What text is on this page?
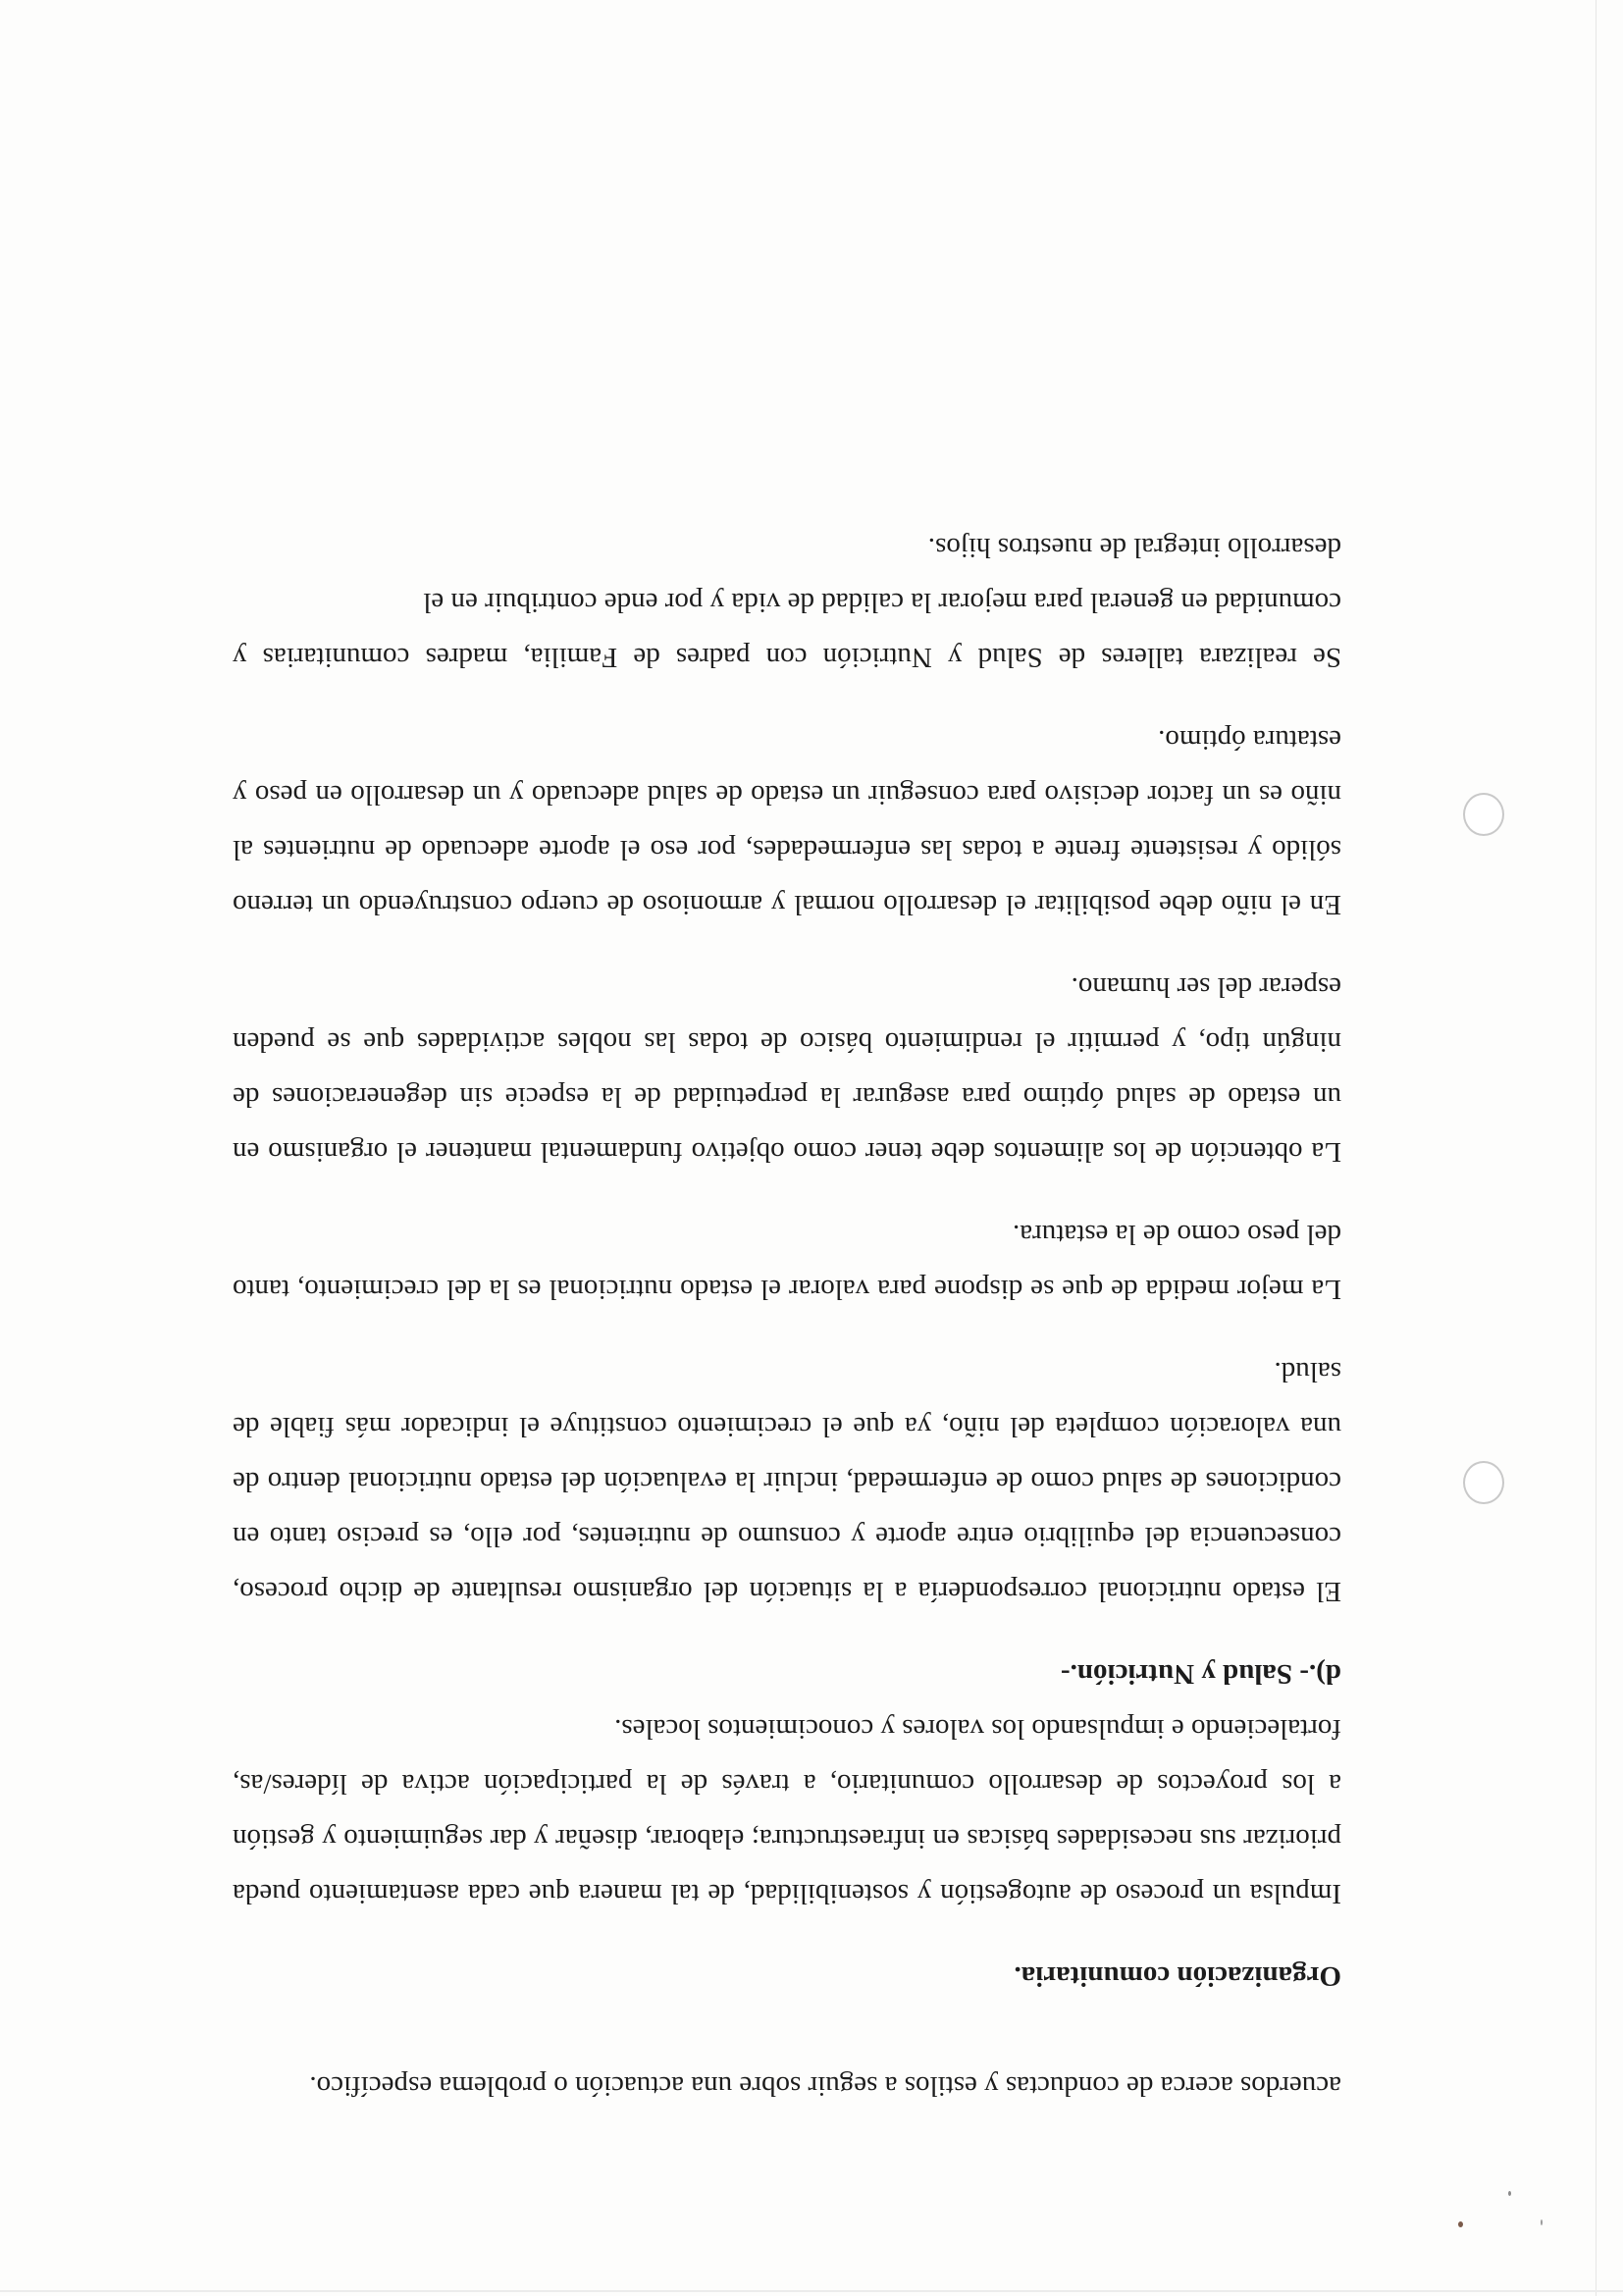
acuerdos acerca de conductas y estilos a seguir sobre una actuación o problema específico.

Organización comunitaria.

Impulsa un proceso de autogestión y sostenibilidad, de tal manera que cada asentamiento pueda priorizar sus necesidades básicas en infraestructura; elaborar, diseñar y dar seguimiento y gestión a los proyectos de desarrollo comunitario, a través de la participación activa de líderes/as, fortaleciendo e impulsando los valores y conocimientos locales.

d).- Salud y Nutrición.-

El estado nutricional correspondería a la situación del organismo resultante de dicho proceso, consecuencia del equilibrio entre aporte y consumo de nutrientes, por ello, es preciso tanto en condiciones de salud como de enfermedad, incluir la evaluación del estado nutricional dentro de una valoración completa del niño, ya que el crecimiento constituye el indicador más fiable de salud.

La mejor medida de que se dispone para valorar el estado nutricional es la del crecimiento, tanto del peso como de la estatura.

La obtención de los alimentos debe tener como objetivo fundamental mantener el organismo en un estado de salud óptimo para asegurar la perpetuidad de la especie sin degeneraciones de ningún tipo, y permitir el rendimiento básico de todas las nobles actividades que se pueden esperar del ser humano.

En el niño debe posibilitar el desarrollo normal y armonioso de cuerpo construyendo un terreno sólido y resistente frente a todas las enfermedades, por eso el aporte adecuado de nutrientes al niño es un factor decisivo para conseguir un estado de salud adecuado y un desarrollo en peso y estatura óptimo.

Se realizara talleres de Salud y Nutrición con padres de Familia, madres comunitarias y comunidad en general para mejorar la calidad de vida y por ende contribuir en el

desarrollo integral de nuestros hijos.
